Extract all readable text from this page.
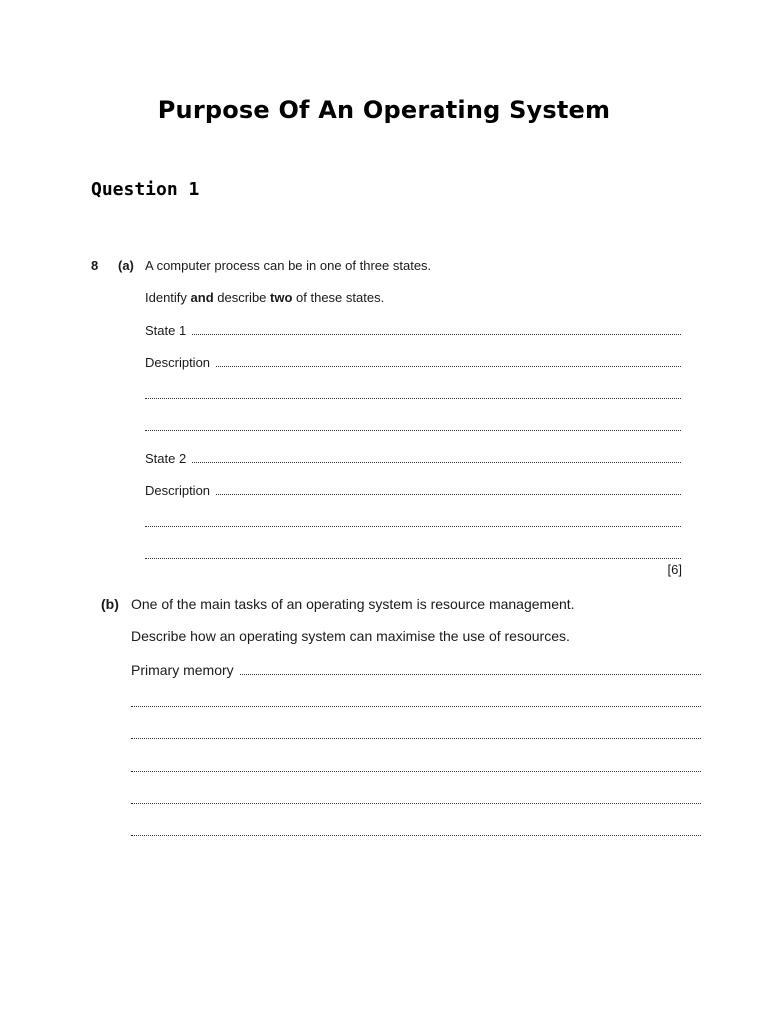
Purpose Of An Operating System
Question 1
8 (a) A computer process can be in one of three states.
Identify and describe two of these states.
State 1
Description
State 2
Description
[6]
(b) One of the main tasks of an operating system is resource management.
Describe how an operating system can maximise the use of resources.
Primary memory
